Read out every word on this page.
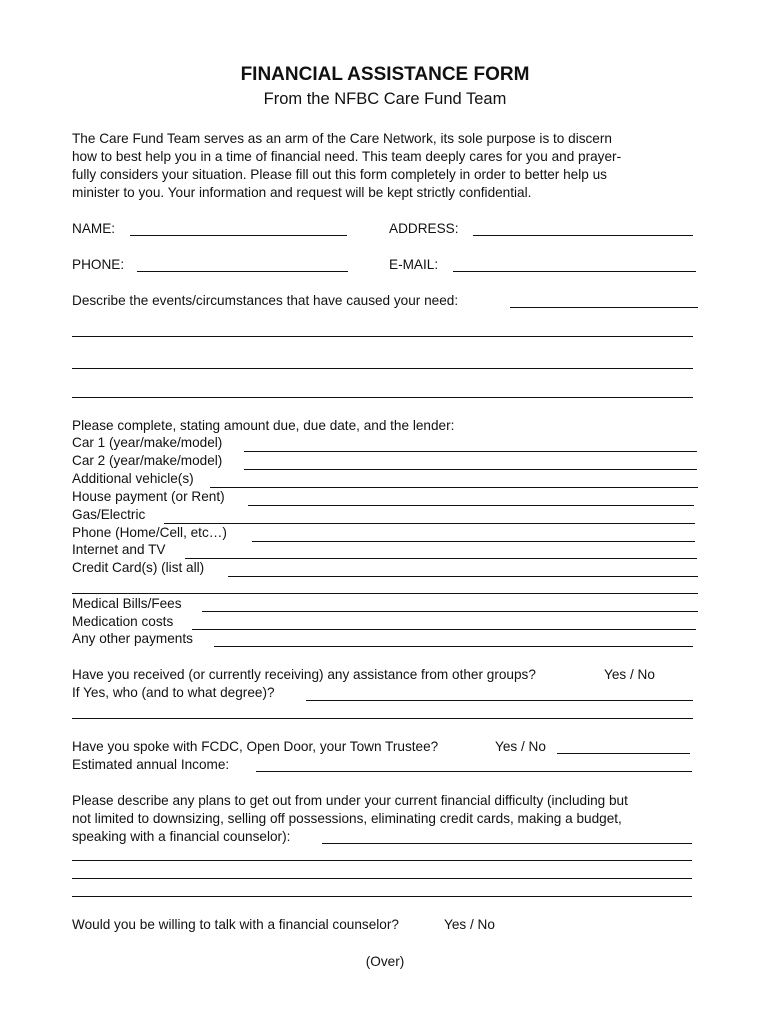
FINANCIAL ASSISTANCE FORM
From the NFBC Care Fund Team
The Care Fund Team serves as an arm of the Care Network, its sole purpose is to discern
how to best help you in a time of financial need. This team deeply cares for you and prayer-
fully considers your situation. Please fill out this form completely in order to better help us
minister to you. Your information and request will be kept strictly confidential.
NAME:	ADDRESS:
PHONE:	E-MAIL:
Describe the events/circumstances that have caused your need:
Please complete, stating amount due, due date, and the lender:
Car 1 (year/make/model)
Car 2 (year/make/model)
Additional vehicle(s)
House payment (or Rent)
Gas/Electric
Phone (Home/Cell, etc…)
Internet and TV
Credit Card(s) (list all)
Medical Bills/Fees
Medication costs
Any other payments
Have you received (or currently receiving) any assistance from other groups?	Yes / No
If Yes, who (and to what degree)?
Have you spoke with FCDC, Open Door, your Town Trustee?	Yes / No
Estimated annual Income:
Please describe any plans to get out from under your current financial difficulty (including but
not limited to downsizing, selling off possessions, eliminating credit cards, making a budget,
speaking with a financial counselor):
Would you be willing to talk with a financial counselor?	Yes / No
(Over)
